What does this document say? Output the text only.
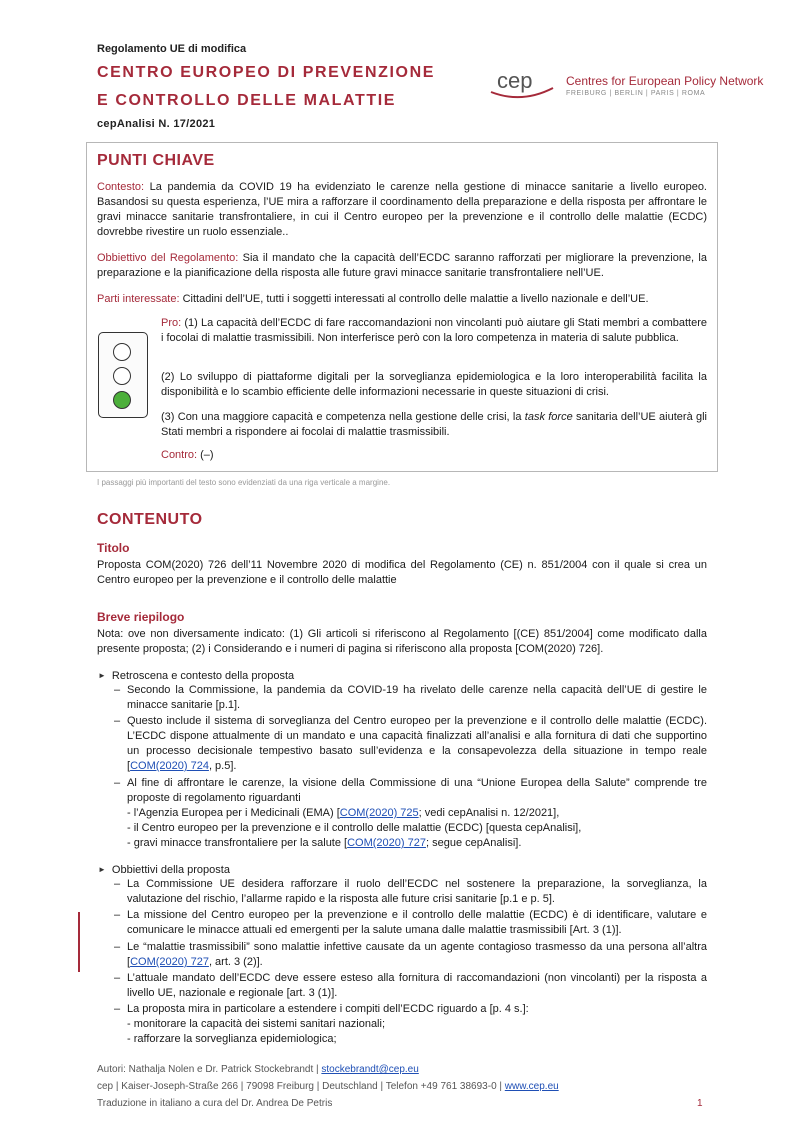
Regolamento UE di modifica
CENTRO EUROPEO DI PREVENZIONE
E CONTROLLO DELLE MALATTIE
cepAnalisi N. 17/2021
cep	Centres for European Policy Network
FREIBURG | BERLIN | PARIS | ROMA
PUNTI CHIAVE
Contesto: La pandemia da COVID 19 ha evidenziato le carenze nella gestione di minacce sanitarie a livello europeo. Basandosi su questa esperienza, l’UE mira a rafforzare il coordinamento della preparazione e della risposta per affrontare le gravi minacce sanitarie transfrontaliere, in cui il Centro europeo per la prevenzione e il controllo delle malattie (ECDC) dovrebbe rivestire un ruolo essenziale..
Obbiettivo del Regolamento: Sia il mandato che la capacità dell’ECDC saranno rafforzati per migliorare la prevenzione, la preparazione e la pianificazione della risposta alle future gravi minacce sanitarie transfrontaliere nell’UE.
Parti interessate: Cittadini dell’UE, tutti i soggetti interessati al controllo delle malattie a livello nazionale e dell’UE.
Pro: (1) La capacità dell’ECDC di fare raccomandazioni non vincolanti può aiutare gli Stati membri a combattere i focolai di malattie trasmissibili. Non interferisce però con la loro competenza in materia di salute pubblica.
(2) Lo sviluppo di piattaforme digitali per la sorveglianza epidemiologica e la loro interoperabilità facilita la disponibilità e lo scambio efficiente delle informazioni necessarie in queste situazioni di crisi.
(3) Con una maggiore capacità e competenza nella gestione delle crisi, la task force sanitaria dell’UE aiuterà gli Stati membri a rispondere ai focolai di malattie trasmissibili.
Contro: (–)
I passaggi più importanti del testo sono evidenziati da una riga verticale a margine.
CONTENUTO
Titolo
Proposta COM(2020) 726 dell’11 Novembre 2020 di modifica del Regolamento (CE) n. 851/2004 con il quale si crea un Centro europeo per la prevenzione e il controllo delle malattie
Breve riepilogo
Nota: ove non diversamente indicato: (1) Gli articoli si riferiscono al Regolamento [(CE) 851/2004] come modificato dalla presente proposta; (2) i Considerando e i numeri di pagina si riferiscono alla proposta [COM(2020) 726].
► Retroscena e contesto della proposta
– Secondo la Commissione, la pandemia da COVID-19 ha rivelato delle carenze nella capacità dell’UE di gestire le minacce sanitarie [p.1].
– Questo include il sistema di sorveglianza del Centro europeo per la prevenzione e il controllo delle malattie (ECDC). L’ECDC dispone attualmente di un mandato e una capacità finalizzati all’analisi e alla fornitura di dati che supportino un processo decisionale tempestivo basato sull’evidenza e la consapevolezza della situazione in tempo reale [COM(2020) 724, p.5].
– Al fine di affrontare le carenze, la visione della Commissione di una “Unione Europea della Salute” comprende tre proposte di regolamento riguardanti
- l’Agenzia Europea per i Medicinali (EMA) [COM(2020) 725; vedi cepAnalisi n. 12/2021],
- il Centro europeo per la prevenzione e il controllo delle malattie (ECDC) [questa cepAnalisi],
- gravi minacce transfrontaliere per la salute [COM(2020) 727; segue cepAnalisi].
► Obbiettivi della proposta
– La Commissione UE desidera rafforzare il ruolo dell’ECDC nel sostenere la preparazione, la sorveglianza, la valutazione del rischio, l’allarme rapido e la risposta alle future crisi sanitarie [p.1 e p. 5].
– La missione del Centro europeo per la prevenzione e il controllo delle malattie (ECDC) è di identificare, valutare e comunicare le minacce attuali ed emergenti per la salute umana dalle malattie trasmissibili [Art. 3 (1)].
– Le “malattie trasmissibili” sono malattie infettive causate da un agente contagioso trasmesso da una persona all’altra [COM(2020) 727, art. 3 (2)].
– L’attuale mandato dell’ECDC deve essere esteso alla fornitura di raccomandazioni (non vincolanti) per la risposta a livello UE, nazionale e regionale [art. 3 (1)].
– La proposta mira in particolare a estendere i compiti dell’ECDC riguardo a [p. 4 s.]:
- monitorare la capacità dei sistemi sanitari nazionali;
- rafforzare la sorveglianza epidemiologica;
Autori: Nathalja Nolen e Dr. Patrick Stockebrandt | stockebrandt@cep.eu
cep | Kaiser-Joseph-Straße 266 | 79098 Freiburg | Deutschland | Telefon +49 761 38693-0 | www.cep.eu
Traduzione in italiano a cura del Dr. Andrea De Petris	1
